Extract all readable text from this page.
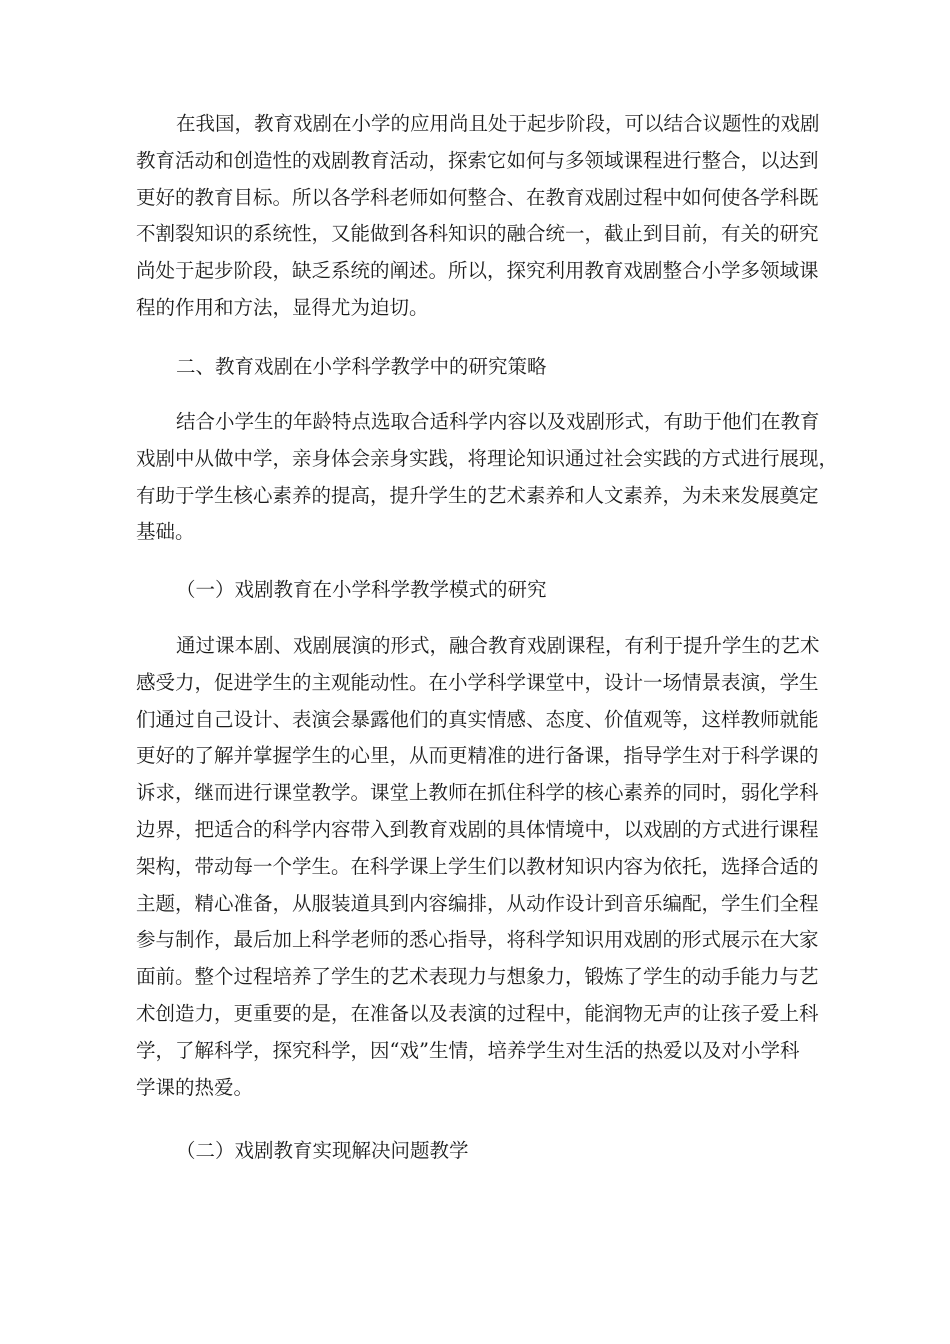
在我国，教育戏剧在小学的应用尚且处于起步阶段，可以结合议题性的戏剧
教育活动和创造性的戏剧教育活动，探索它如何与多领域课程进行整合，以达到
更好的教育目标。所以各学科老师如何整合、在教育戏剧过程中如何使各学科既
不割裂知识的系统性，又能做到各科知识的融合统一，截止到目前，有关的研究
尚处于起步阶段，缺乏系统的阐述。所以，探究利用教育戏剧整合小学多领域课
程的作用和方法，显得尤为迫切。
二、教育戏剧在小学科学教学中的研究策略
结合小学生的年龄特点选取合适科学内容以及戏剧形式，有助于他们在教育
戏剧中从做中学，亲身体会亲身实践，将理论知识通过社会实践的方式进行展现，
有助于学生核心素养的提高，提升学生的艺术素养和人文素养，为未来发展奠定
基础。
（一）戏剧教育在小学科学教学模式的研究
通过课本剧、戏剧展演的形式，融合教育戏剧课程，有利于提升学生的艺术
感受力，促进学生的主观能动性。在小学科学课堂中，设计一场情景表演，学生
们通过自己设计、表演会暴露他们的真实情感、态度、价值观等，这样教师就能
更好的了解并掌握学生的心里，从而更精准的进行备课，指导学生对于科学课的
诉求，继而进行课堂教学。课堂上教师在抓住科学的核心素养的同时，弱化学科
边界，把适合的科学内容带入到教育戏剧的具体情境中，以戏剧的方式进行课程
架构，带动每一个学生。在科学课上学生们以教材知识内容为依托，选择合适的
主题，精心准备，从服装道具到内容编排，从动作设计到音乐编配，学生们全程
参与制作，最后加上科学老师的悉心指导，将科学知识用戏剧的形式展示在大家
面前。整个过程培养了学生的艺术表现力与想象力，锻炼了学生的动手能力与艺
术创造力，更重要的是，在准备以及表演的过程中，能润物无声的让孩子爱上科
学，了解科学，探究科学，因“戏”生情，培养学生对生活的热爱以及对小学科
学课的热爱。
（二）戏剧教育实现解决问题教学
